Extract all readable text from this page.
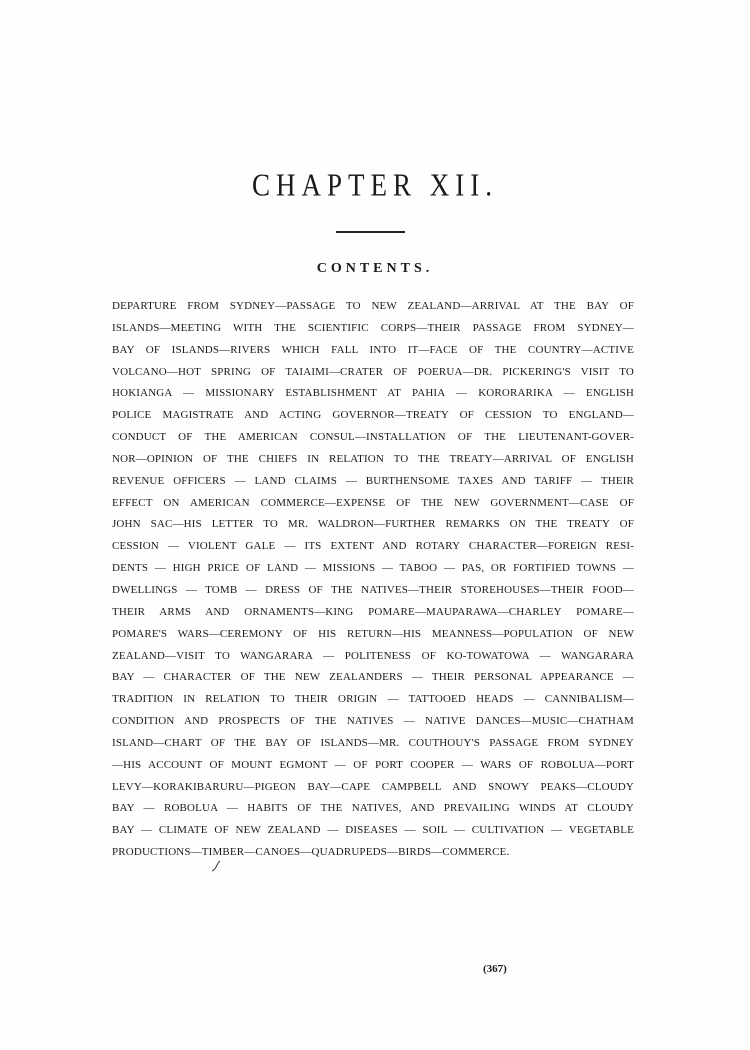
CHAPTER XII.
CONTENTS.
DEPARTURE FROM SYDNEY—PASSAGE TO NEW ZEALAND—ARRIVAL AT THE BAY OF
ISLANDS—MEETING WITH THE SCIENTIFIC CORPS—THEIR PASSAGE FROM SYDNEY—
BAY OF ISLANDS—RIVERS WHICH FALL INTO IT—FACE OF THE COUNTRY—ACTIVE
VOLCANO—HOT SPRING OF TAIAIMI—CRATER OF POERUA—DR. PICKERING'S VISIT TO
HOKIANGA — MISSIONARY ESTABLISHMENT AT PAHIA — KORORARIKA — ENGLISH
POLICE MAGISTRATE AND ACTING GOVERNOR—TREATY OF CESSION TO ENGLAND—
CONDUCT OF THE AMERICAN CONSUL—INSTALLATION OF THE LIEUTENANT-GOVER-
NOR—OPINION OF THE CHIEFS IN RELATION TO THE TREATY—ARRIVAL OF ENGLISH
REVENUE OFFICERS — LAND CLAIMS — BURTHENSOME TAXES AND TARIFF — THEIR
EFFECT ON AMERICAN COMMERCE—EXPENSE OF THE NEW GOVERNMENT—CASE OF
JOHN SAC—HIS LETTER TO MR. WALDRON—FURTHER REMARKS ON THE TREATY OF
CESSION — VIOLENT GALE — ITS EXTENT AND ROTARY CHARACTER—FOREIGN RESI-
DENTS — HIGH PRICE OF LAND — MISSIONS — TABOO — PAS, OR FORTIFIED TOWNS —
DWELLINGS — TOMB — DRESS OF THE NATIVES—THEIR STOREHOUSES—THEIR FOOD—
THEIR ARMS AND ORNAMENTS—KING POMARE—MAUPARAWA—CHARLEY POMARE—
POMARE'S WARS—CEREMONY OF HIS RETURN—HIS MEANNESS—POPULATION OF NEW
ZEALAND—VISIT TO WANGARARA — POLITENESS OF KO-TOWATOWA — WANGARARA
BAY — CHARACTER OF THE NEW ZEALANDERS — THEIR PERSONAL APPEARANCE —
TRADITION IN RELATION TO THEIR ORIGIN — TATTOOED HEADS — CANNIBALISM—
CONDITION AND PROSPECTS OF THE NATIVES — NATIVE DANCES—MUSIC—CHATHAM
ISLAND—CHART OF THE BAY OF ISLANDS—MR. COUTHOUY'S PASSAGE FROM SYDNEY
—HIS ACCOUNT OF MOUNT EGMONT — OF PORT COOPER — WARS OF ROBOLUA—PORT
LEVY—KORAKIBARURU—PIGEON BAY—CAPE CAMPBELL AND SNOWY PEAKS—CLOUDY
BAY — ROBOLUA — HABITS OF THE NATIVES, AND PREVAILING WINDS AT CLOUDY
BAY — CLIMATE OF NEW ZEALAND — DISEASES — SOIL — CULTIVATION — VEGETABLE
PRODUCTIONS—TIMBER—CANOES—QUADRUPEDS—BIRDS—COMMERCE.

(367)
